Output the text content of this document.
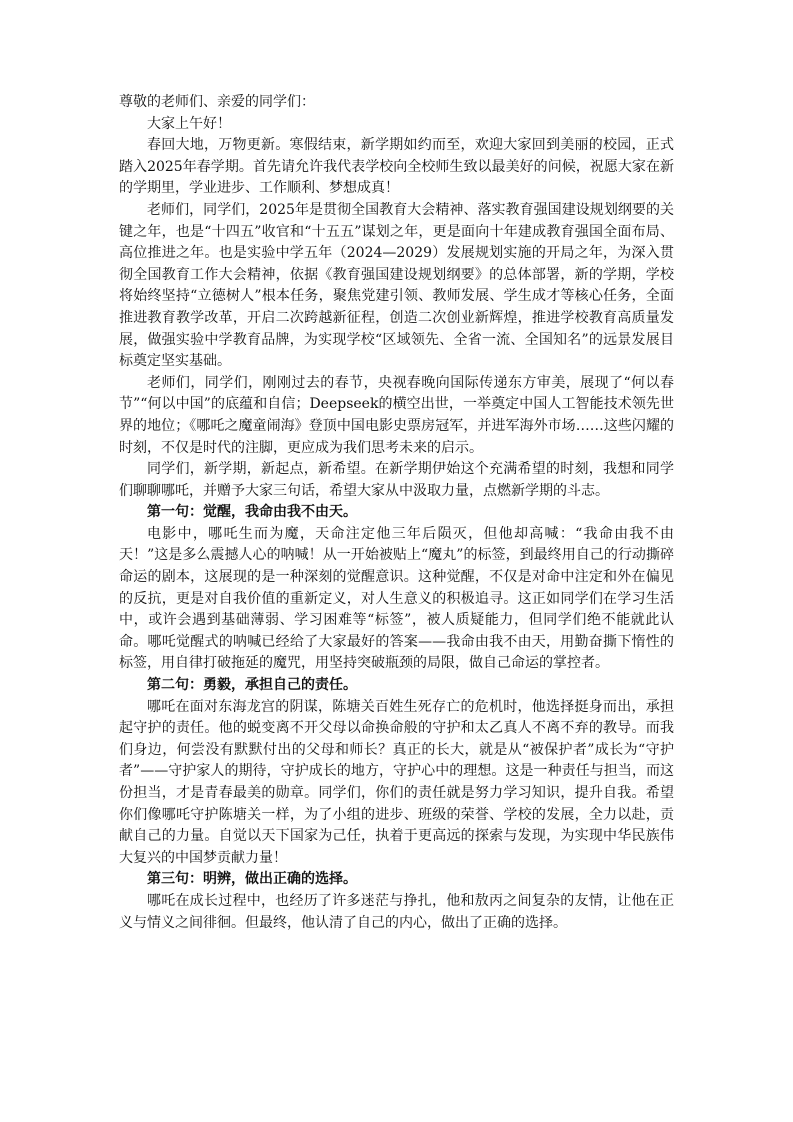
尊敬的老师们、亲爱的同学们：

大家上午好！

春回大地，万物更新。寒假结束，新学期如约而至，欢迎大家回到美丽的校园，正式踏入2025年春学期。首先请允许我代表学校向全校师生致以最美好的问候，祝愿大家在新的学期里，学业进步、工作顺利、梦想成真！

老师们，同学们，2025年是贯彻全国教育大会精神、落实教育强国建设规划纲要的关键之年，也是“十四五”收官和“十五五”谋划之年，更是面向十年建成教育强国全面布局、高位推进之年。也是实验中学五年（2024—2029）发展规划实施的开局之年，为深入贯彻全国教育工作大会精神，依据《教育强国建设规划纲要》的总体部署，新的学期，学校将始终坚持“立德树人”根本任务，聚焦党建引领、教师发展、学生成才等核心任务，全面推进教育教学改革，开启二次跨越新征程，创造二次创业新辉煌，推进学校教育高质量发展，做强实验中学教育品牌，为实现学校“区域领先、全省一流、全国知名”的远景发展目标奠定坚实基础。

老师们，同学们，刚刚过去的春节，央视春晚向国际传递东方审美，展现了“何以春节”“何以中国”的底蕴和自信；Deepseek的横空出世，一举奠定中国人工智能技术领先世界的地位；《哪吒之魔童闹海》登顶中国电影史票房冠军，并进军海外市场……这些闪耀的时刻，不仅是时代的注脚，更应成为我们思考未来的启示。

同学们，新学期，新起点，新希望。在新学期伊始这个充满希望的时刻，我想和同学们聊聊哪吒，并赠予大家三句话，希望大家从中汲取力量，点燃新学期的斗志。

第一句：觉醒，我命由我不由天。

电影中，哪吒生而为魔，天命注定他三年后陨灭，但他却高喊：“我命由我不由天！”这是多么震撼人心的呐喊！从一开始被贴上“魔丸”的标签，到最终用自己的行动撕碎命运的剧本，这展现的是一种深刻的觉醒意识。这种觉醒，不仅是对命中注定和外在偏见的反抗，更是对自我价值的重新定义，对人生意义的积极追寻。这正如同学们在学习生活中，或许会遇到基础薄弱、学习困难等“标签”，被人质疑能力，但同学们绝不能就此认命。哪吒觉醒式的呐喊已经给了大家最好的答案——我命由我不由天，用勤奋撕下惰性的标签，用自律打破拖延的魔咒，用坚持突破瓶颈的局限，做自己命运的掌控者。

第二句：勇毅，承担自己的责任。

哪吒在面对东海龙宫的阴谋，陈塘关百姓生死存亡的危机时，他选择挺身而出，承担起守护的责任。他的蜕变离不开父母以命换命般的守护和太乙真人不离不弃的教导。而我们身边，何尝没有默默付出的父母和师长？真正的长大，就是从“被保护者”成长为“守护者”——守护家人的期待，守护成长的地方，守护心中的理想。这是一种责任与担当，而这份担当，才是青春最美的勋章。同学们，你们的责任就是努力学习知识，提升自我。希望你们像哪吒守护陈塘关一样，为了小组的进步、班级的荣誉、学校的发展，全力以赴，贡献自己的力量。自觉以天下国家为己任，执着于更高远的探索与发现，为实现中华民族伟大复兴的中国梦贡献力量！

第三句：明辨，做出正确的选择。

哪吒在成长过程中，也经历了许多迷茫与挣扎，他和敖丙之间复杂的友情，让他在正义与情义之间徘徊。但最终，他认清了自己的内心，做出了正确的选择。
